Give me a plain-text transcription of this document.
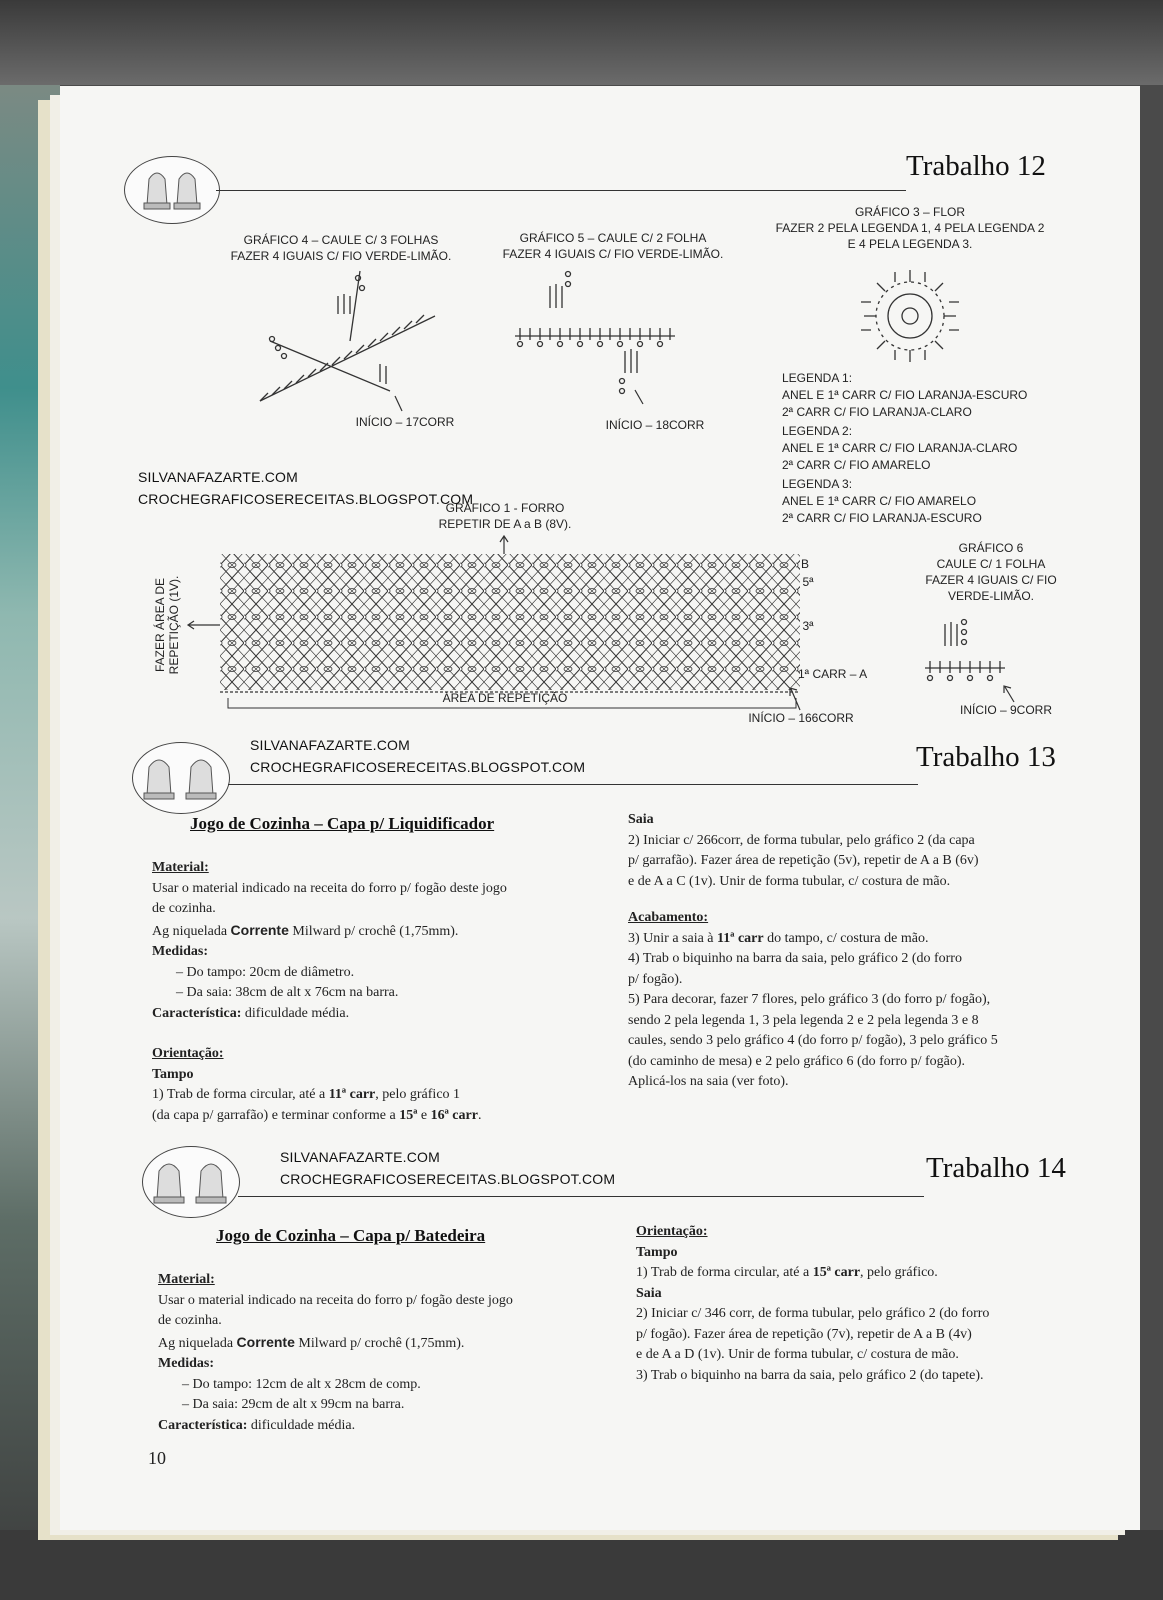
Trabalho 12
GRÁFICO 4 – CAULE C/ 3 FOLHAS
FAZER 4 IGUAIS C/ FIO VERDE-LIMÃO.
INÍCIO – 17CORR
GRÁFICO 5 – CAULE C/ 2 FOLHA
FAZER 4 IGUAIS C/ FIO VERDE-LIMÃO.
INÍCIO – 18CORR
GRÁFICO 3 – FLOR
FAZER 2 PELA LEGENDA 1, 4 PELA LEGENDA 2
E 4 PELA LEGENDA 3.
LEGENDA 1:
ANEL E 1ª CARR C/ FIO LARANJA-ESCURO
2ª CARR C/ FIO LARANJA-CLARO
LEGENDA 2:
ANEL E 1ª CARR C/ FIO LARANJA-CLARO
2ª CARR C/ FIO AMARELO
LEGENDA 3:
ANEL E 1ª CARR C/ FIO AMARELO
2ª CARR C/ FIO LARANJA-ESCURO
SILVANAFAZARTE.COM
CROCHEGRAFICOSERECEITAS.BLOGSPOT.COM
GRÁFICO 1 - FORRO
REPETIR DE A a B (8V).
FAZER ÁREA DE REPETIÇÃO (1V).
B
5ª
3ª
1ª CARR – A
ÁREA DE REPETIÇÃO
INÍCIO – 166CORR
GRÁFICO 6
CAULE C/ 1 FOLHA
FAZER 4 IGUAIS C/ FIO
VERDE-LIMÃO.
INÍCIO – 9CORR
SILVANAFAZARTE.COM
CROCHEGRAFICOSERECEITAS.BLOGSPOT.COM	Trabalho 13
Jogo de Cozinha – Capa p/ Liquidificador

Material:

Usar o material indicado na receita do forro p/ fogão deste jogo

de cozinha.

Ag niquelada Corrente Milward p/ crochê (1,75mm).

Medidas:

– Do tampo: 20cm de diâmetro.

– Da saia: 38cm de alt x 76cm na barra.

Característica: dificuldade média.

Orientação:

Tampo

1) Trab de forma circular, até a 11ª carr, pelo gráfico 1

(da capa p/ garrafão) e terminar conforme a 15ª e 16ª carr.

Saia

2) Iniciar c/ 266corr, de forma tubular, pelo gráfico 2 (da capa

p/ garrafão). Fazer área de repetição (5v), repetir de A a B (6v)

e de A a C (1v). Unir de forma tubular, c/ costura de mão.

Acabamento:

3) Unir a saia à 11ª carr do tampo, c/ costura de mão.

4) Trab o biquinho na barra da saia, pelo gráfico 2 (do forro

p/ fogão).

5) Para decorar, fazer 7 flores, pelo gráfico 3 (do forro p/ fogão),

sendo 2 pela legenda 1, 3 pela legenda 2 e 2 pela legenda 3 e 8

caules, sendo 3 pelo gráfico 4 (do forro p/ fogão), 3 pelo gráfico 5

(do caminho de mesa) e 2 pelo gráfico 6 (do forro p/ fogão).

Aplicá-los na saia (ver foto).

SILVANAFAZARTE.COM
CROCHEGRAFICOSERECEITAS.BLOGSPOT.COM	Trabalho 14
Jogo de Cozinha – Capa p/ Batedeira

Material:

Usar o material indicado na receita do forro p/ fogão deste jogo

de cozinha.

Ag niquelada Corrente Milward p/ crochê (1,75mm).

Medidas:

– Do tampo: 12cm de alt x 28cm de comp.

– Da saia: 29cm de alt x 99cm na barra.

Característica: dificuldade média.

Orientação:

Tampo

1) Trab de forma circular, até a 15ª carr, pelo gráfico.

Saia

2) Iniciar c/ 346 corr, de forma tubular, pelo gráfico 2 (do forro

p/ fogão). Fazer área de repetição (7v), repetir de A a B (4v)

e de A a D (1v). Unir de forma tubular, c/ costura de mão.

3) Trab o biquinho na barra da saia, pelo gráfico 2 (do tapete).

10
